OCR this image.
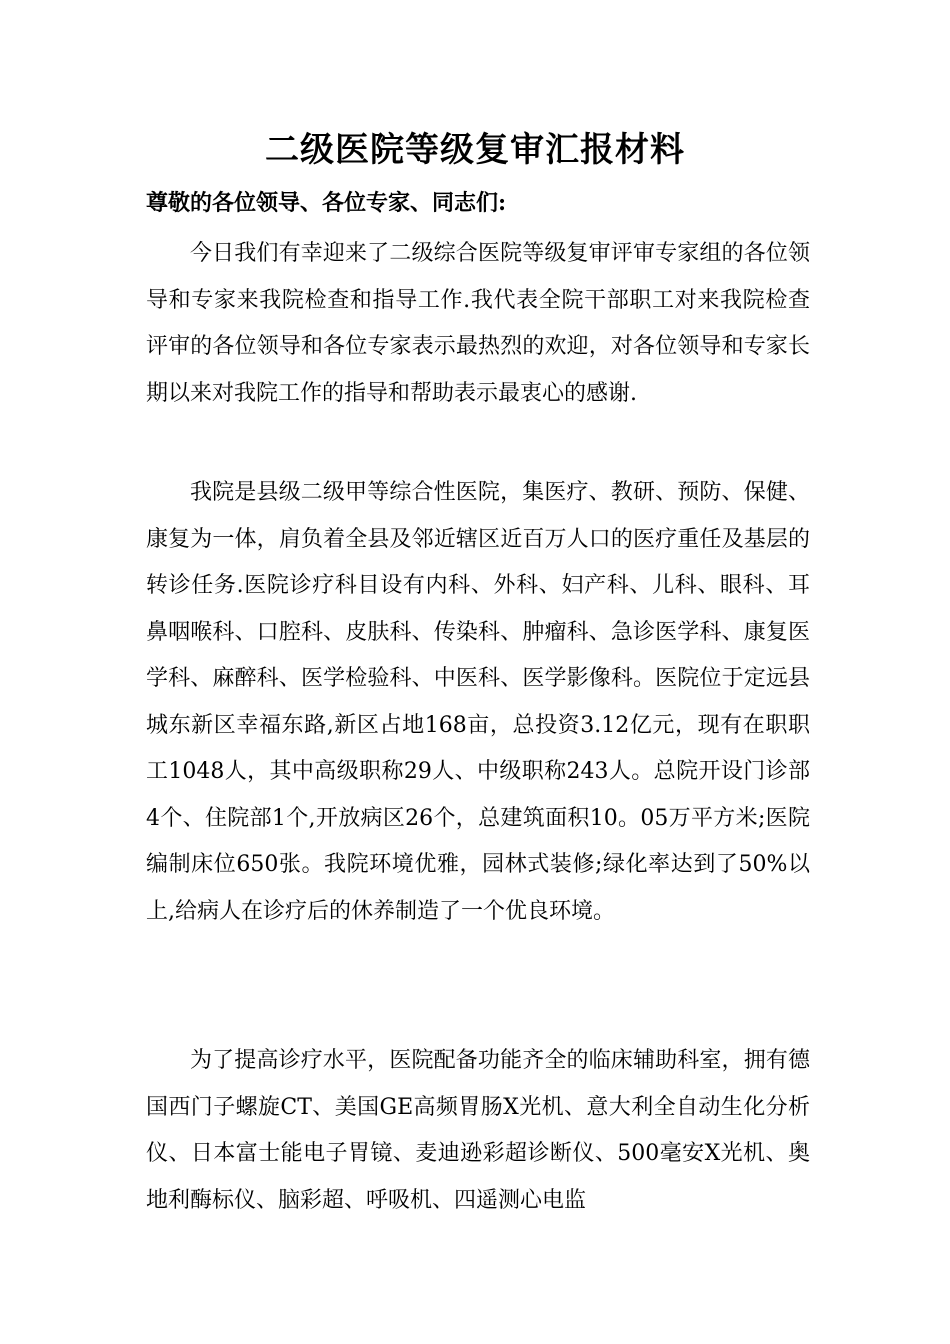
二级医院等级复审汇报材料

尊敬的各位领导、各位专家、同志们:

今日我们有幸迎来了二级综合医院等级复审评审专家组的各位领导和专家来我院检查和指导工作.我代表全院干部职工对来我院检查评审的各位领导和各位专家表示最热烈的欢迎，对各位领导和专家长期以来对我院工作的指导和帮助表示最衷心的感谢.

我院是县级二级甲等综合性医院，集医疗、教研、预防、保健、康复为一体，肩负着全县及邻近辖区近百万人口的医疗重任及基层的转诊任务.医院诊疗科目设有内科、外科、妇产科、儿科、眼科、耳鼻咽喉科、口腔科、皮肤科、传染科、肿瘤科、急诊医学科、康复医学科、麻醉科、医学检验科、中医科、医学影像科。医院位于定远县城东新区幸福东路,新区占地168亩，总投资3.12亿元，现有在职职工1048人，其中高级职称29人、中级职称243人。总院开设门诊部4个、住院部1个,开放病区26个，总建筑面积10。05万平方米;医院编制床位650张。我院环境优雅，园林式装修;绿化率达到了50%以上,给病人在诊疗后的休养制造了一个优良环境。

为了提高诊疗水平，医院配备功能齐全的临床辅助科室，拥有德国西门子螺旋CT、美国GE高频胃肠X光机、意大利全自动生化分析仪、日本富士能电子胃镜、麦迪逊彩超诊断仪、500毫安X光机、奥地利酶标仪、脑彩超、呼吸机、四遥测心电监
